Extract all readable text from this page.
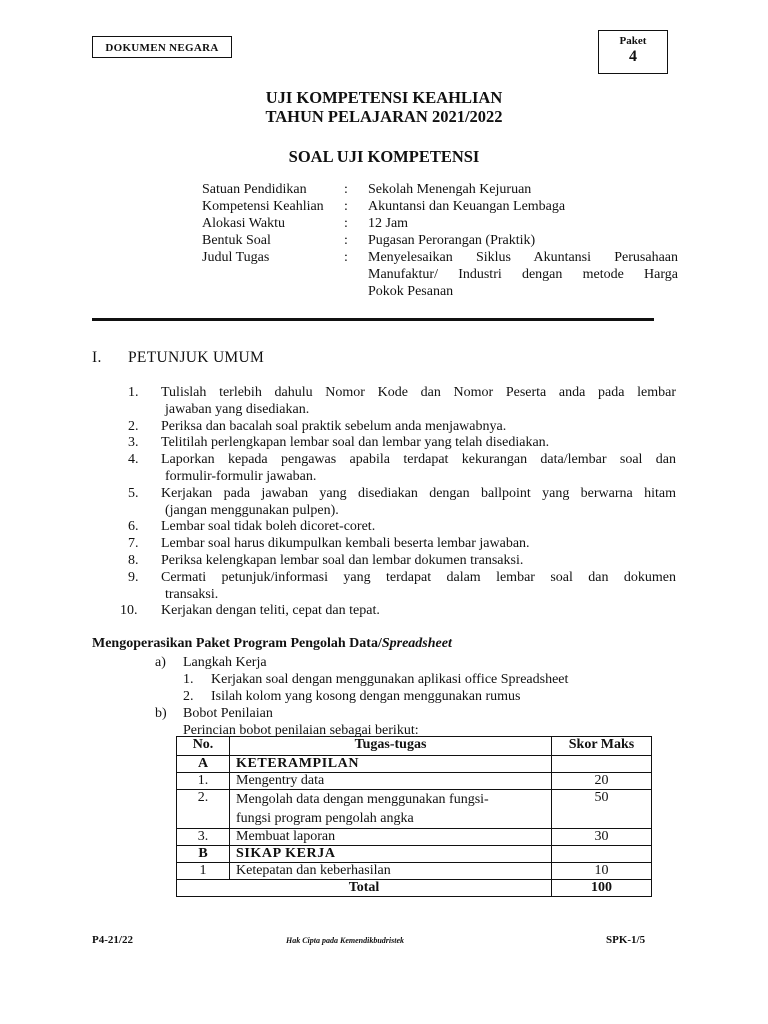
DOKUMEN NEGARA
Paket
4
UJI KOMPETENSI KEAHLIAN
TAHUN PELAJARAN 2021/2022
SOAL UJI KOMPETENSI
Satuan Pendidikan	:	Sekolah Menengah Kejuruan
Kompetensi Keahlian	:	Akuntansi dan Keuangan Lembaga
Alokasi Waktu	:	12 Jam
Bentuk Soal	:	Pugasan Perorangan (Praktik)
Judul Tugas	:	Menyelesaikan Siklus Akuntansi Perusahaan
Manufaktur/ Industri dengan metode Harga
Pokok Pesanan
I. PETUNJUK UMUM
1.	Tulislah terlebih dahulu Nomor Kode dan Nomor Peserta anda pada lembar
jawaban yang disediakan.
2.	Periksa dan bacalah soal praktik sebelum anda menjawabnya.
3.	Telitilah perlengkapan lembar soal dan lembar yang telah disediakan.
4.	Laporkan kepada pengawas apabila terdapat kekurangan data/lembar soal dan
formulir-formulir jawaban.
5.	Kerjakan pada jawaban yang disediakan dengan ballpoint yang berwarna hitam
(jangan menggunakan pulpen).
6.	Lembar soal tidak boleh dicoret-coret.
7.	Lembar soal harus dikumpulkan kembali beserta lembar jawaban.
8.	Periksa kelengkapan lembar soal dan lembar dokumen transaksi.
9.	Cermati petunjuk/informasi yang terdapat dalam lembar soal dan dokumen
transaksi.
10.	Kerjakan dengan teliti, cepat dan tepat.
Mengoperasikan Paket Program Pengolah Data/Spreadsheet
a)	Langkah Kerja
1.	Kerjakan soal dengan menggunakan aplikasi office Spreadsheet
2.	Isilah kolom yang kosong dengan menggunakan rumus
b)	Bobot Penilaian
Perincian bobot penilaian sebagai berikut:
No.	Tugas-tugas	Skor Maks
A	KETERAMPILAN	
1.	Mengentry data	20
2.	Mengolah data dengan menggunakan fungsi-
fungsi program pengolah angka	50
3.	Membuat laporan	30
B	SIKAP KERJA	
1	Ketepatan dan keberhasilan	10
Total		100
P4-21/22	Hak Cipta pada Kemendikbudristek	SPK-1/5
